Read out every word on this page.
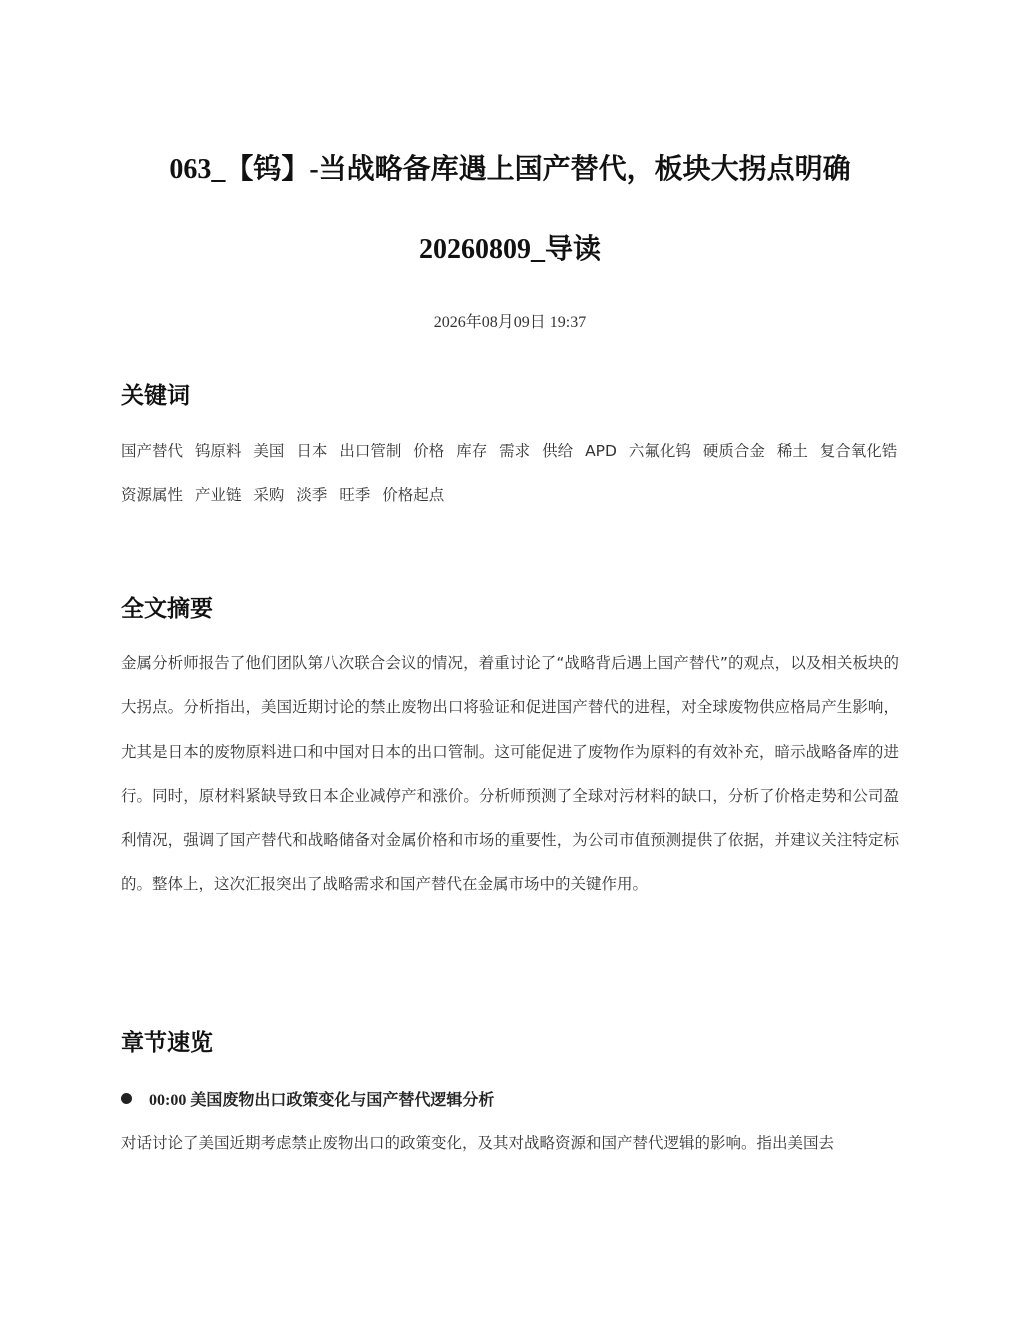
063_【钨】-当战略备库遇上国产替代，板块大拐点明确
20260809_导读
2026年08月09日 19:37
关键词
国产替代 钨原料 美国 日本 出口管制 价格 库存 需求 供给 APD 六氟化钨 硬质合金 稀土 复合氧化锆 资源属性 产业链 采购 淡季 旺季 价格起点
全文摘要

金属分析师报告了他们团队第八次联合会议的情况，着重讨论了“战略背后遇上国产替代”的观点，以及相关板块的大拐点。分析指出，美国近期讨论的禁止废物出口将验证和促进国产替代的进程，对全球废物供应格局产生影响，尤其是日本的废物原料进口和中国对日本的出口管制。这可能促进了废物作为原料的有效补充，暗示战略备库的进行。同时，原材料紧缺导致日本企业减停产和涨价。分析师预测了全球对污材料的缺口，分析了价格走势和公司盈利情况，强调了国产替代和战略储备对金属价格和市场的重要性，为公司市值预测提供了依据，并建议关注特定标的。整体上，这次汇报突出了战略需求和国产替代在金属市场中的关键作用。

章节速览
00:00 美国废物出口政策变化与国产替代逻辑分析

对话讨论了美国近期考虑禁止废物出口的政策变化，及其对战略资源和国产替代逻辑的影响。指出美国去
